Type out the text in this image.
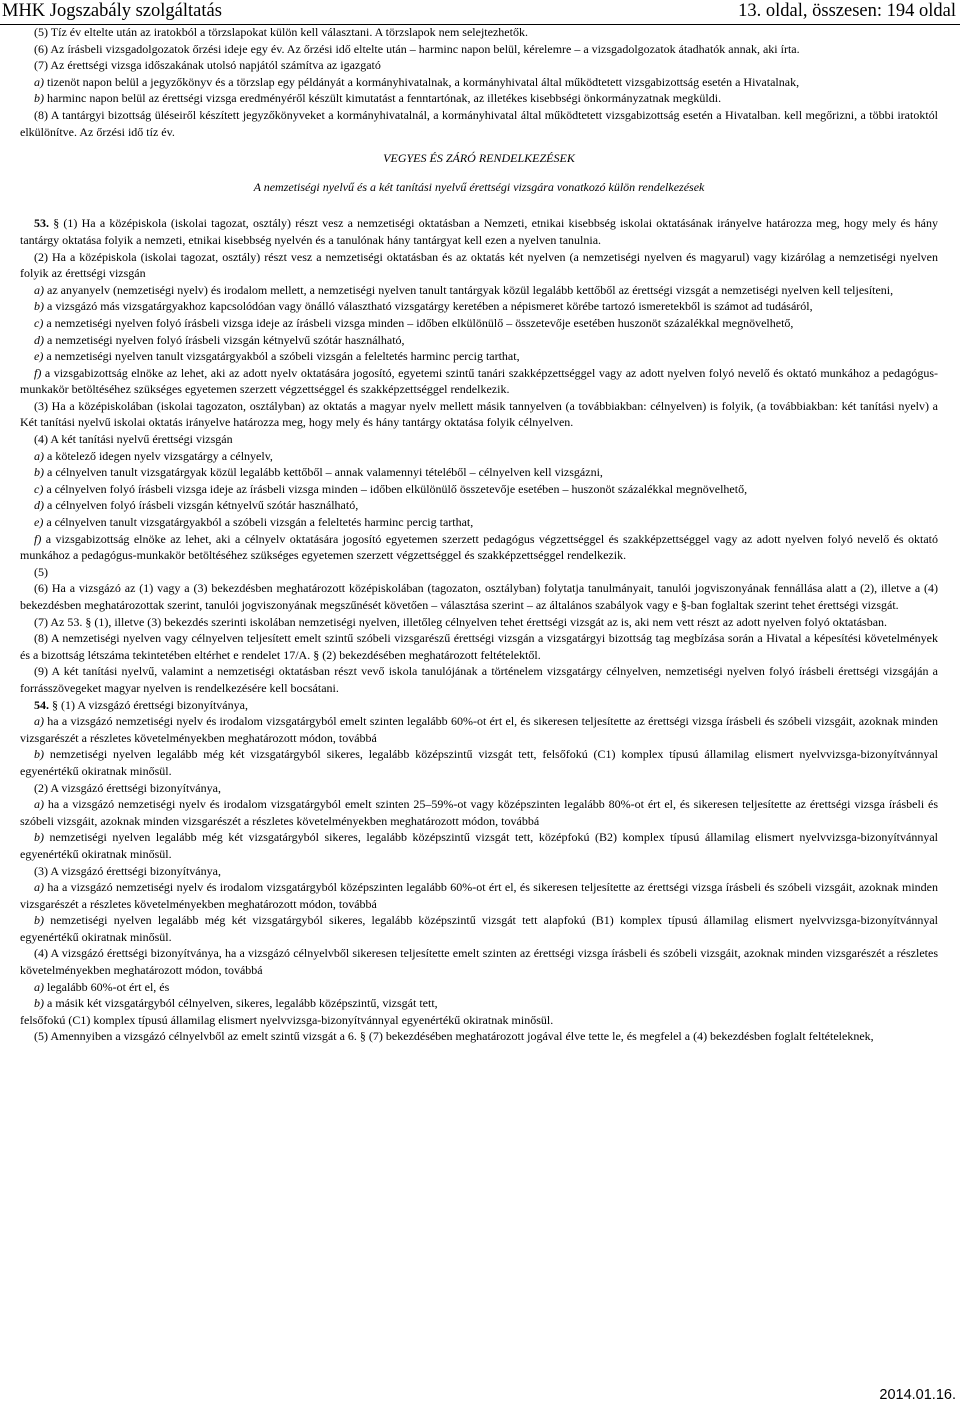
MHK Jogszabály szolgáltatás	13. oldal, összesen: 194 oldal
(5) Tíz év eltelte után az iratokból a törzslapokat külön kell választani. A törzslapok nem selejtezhetők.
(6) Az írásbeli vizsgadolgozatok őrzési ideje egy év. Az őrzési idő eltelte után – harminc napon belül, kérelemre – a vizsgadolgozatok átadhatók annak, aki írta.
(7) Az érettségi vizsga időszakának utolsó napjától számítva az igazgató
a) tizenöt napon belül a jegyzőkönyv és a törzslap egy példányát a kormányhivatalnak, a kormányhivatal által működtetett vizsgabizottság esetén a Hivatalnak,
b) harminc napon belül az érettségi vizsga eredményéről készült kimutatást a fenntartónak, az illetékes kisebbségi önkormányzatnak megküldi.
(8) A tantárgyi bizottság üléseiről készített jegyzőkönyveket a kormányhivatalnál, a kormányhivatal által működtetett vizsgabizottság esetén a Hivatalban. kell megőrizni, a többi iratoktól elkülönítve. Az őrzési idő tíz év.
VEGYES ÉS ZÁRÓ RENDELKEZÉSEK
A nemzetiségi nyelvű és a két tanítási nyelvű érettségi vizsgára vonatkozó külön rendelkezések
53. § (1) Ha a középiskola (iskolai tagozat, osztály) részt vesz a nemzetiségi oktatásban a Nemzeti, etnikai kisebbség iskolai oktatásának irányelve határozza meg, hogy mely és hány tantárgy oktatása folyik a nemzeti, etnikai kisebbség nyelvén és a tanulónak hány tantárgyat kell ezen a nyelven tanulnia.
(2) Ha a középiskola (iskolai tagozat, osztály) részt vesz a nemzetiségi oktatásban és az oktatás két nyelven (a nemzetiségi nyelven és magyarul) vagy kizárólag a nemzetiségi nyelven folyik az érettségi vizsgán
a) az anyanyelv (nemzetiségi nyelv) és irodalom mellett, a nemzetiségi nyelven tanult tantárgyak közül legalább kettőből az érettségi vizsgát a nemzetiségi nyelven kell teljesíteni,
b) a vizsgázó más vizsgatárgyakhoz kapcsolódóan vagy önálló választható vizsgatárgy keretében a népismeret körébe tartozó ismeretekből is számot ad tudásáról,
c) a nemzetiségi nyelven folyó írásbeli vizsga ideje az írásbeli vizsga minden – időben elkülönülő – összetevője esetében huszonöt százalékkal megnövelhető,
d) a nemzetiségi nyelven folyó írásbeli vizsgán kétnyelvű szótár használható,
e) a nemzetiségi nyelven tanult vizsgatárgyakból a szóbeli vizsgán a feleltetés harminc percig tarthat,
f) a vizsgabizottság elnöke az lehet, aki az adott nyelv oktatására jogosító, egyetemi szintű tanári szakképzettséggel vagy az adott nyelven folyó nevelő és oktató munkához a pedagógus-munkakör betöltéséhez szükséges egyetemen szerzett végzettséggel és szakképzettséggel rendelkezik.
(3) Ha a középiskolában (iskolai tagozaton, osztályban) az oktatás a magyar nyelv mellett másik tannyelven (a továbbiakban: célnyelven) is folyik, (a továbbiakban: két tanítási nyelv) a Két tanítási nyelvű iskolai oktatás irányelve határozza meg, hogy mely és hány tantárgy oktatása folyik célnyelven.
(4) A két tanítási nyelvű érettségi vizsgán
a) a kötelező idegen nyelv vizsgatárgy a célnyelv,
b) a célnyelven tanult vizsgatárgyak közül legalább kettőből – annak valamennyi tételéből – célnyelven kell vizsgázni,
c) a célnyelven folyó írásbeli vizsga ideje az írásbeli vizsga minden – időben elkülönülő összetevője esetében – huszonöt százalékkal megnövelhető,
d) a célnyelven folyó írásbeli vizsgán kétnyelvű szótár használható,
e) a célnyelven tanult vizsgatárgyakból a szóbeli vizsgán a feleltetés harminc percig tarthat,
f) a vizsgabizottság elnöke az lehet, aki a célnyelv oktatására jogosító egyetemen szerzett pedagógus végzettséggel és szakképzettséggel vagy az adott nyelven folyó nevelő és oktató munkához a pedagógus-munkakör betöltéséhez szükséges egyetemen szerzett végzettséggel és szakképzettséggel rendelkezik.
(5)
(6) Ha a vizsgázó az (1) vagy a (3) bekezdésben meghatározott középiskolában (tagozaton, osztályban) folytatja tanulmányait, tanulói jogviszonyának fennállása alatt a (2), illetve a (4) bekezdésben meghatározottak szerint, tanulói jogviszonyának megszűnését követően – választása szerint – az általános szabályok vagy e §-ban foglaltak szerint tehet érettségi vizsgát.
(7) Az 53. § (1), illetve (3) bekezdés szerinti iskolában nemzetiségi nyelven, illetőleg célnyelven tehet érettségi vizsgát az is, aki nem vett részt az adott nyelven folyó oktatásban.
(8) A nemzetiségi nyelven vagy célnyelven teljesített emelt szintű szóbeli vizsgarészű érettségi vizsgán a vizsgatárgyi bizottság tag megbízása során a Hivatal a képesítési követelmények és a bizottság létszáma tekintetében eltérhet e rendelet 17/A. § (2) bekezdésében meghatározott feltételektől.
(9) A két tanítási nyelvű, valamint a nemzetiségi oktatásban részt vevő iskola tanulójának a történelem vizsgatárgy célnyelven, nemzetiségi nyelven folyó írásbeli érettségi vizsgáján a forrásszövegeket magyar nyelven is rendelkezésére kell bocsátani.
54. § (1) A vizsgázó érettségi bizonyítványa,
a) ha a vizsgázó nemzetiségi nyelv és irodalom vizsgatárgyból emelt szinten legalább 60%-ot ért el, és sikeresen teljesítette az érettségi vizsga írásbeli és szóbeli vizsgáit, azoknak minden vizsgarészét a részletes követelményekben meghatározott módon, továbbá
b) nemzetiségi nyelven legalább még két vizsgatárgyból sikeres, legalább középszintű vizsgát tett, felsőfokú (C1) komplex típusú államilag elismert nyelvvizsga-bizonyítvánnyal egyenértékű okiratnak minősül.
(2) A vizsgázó érettségi bizonyítványa,
a) ha a vizsgázó nemzetiségi nyelv és irodalom vizsgatárgyból emelt szinten 25–59%-ot vagy középszinten legalább 80%-ot ért el, és sikeresen teljesítette az érettségi vizsga írásbeli és szóbeli vizsgáit, azoknak minden vizsgarészét a részletes követelményekben meghatározott módon, továbbá
b) nemzetiségi nyelven legalább még két vizsgatárgyból sikeres, legalább középszintű vizsgát tett, középfokú (B2) komplex típusú államilag elismert nyelvvizsga-bizonyítvánnyal egyenértékű okiratnak minősül.
(3) A vizsgázó érettségi bizonyítványa,
a) ha a vizsgázó nemzetiségi nyelv és irodalom vizsgatárgyból középszinten legalább 60%-ot ért el, és sikeresen teljesítette az érettségi vizsga írásbeli és szóbeli vizsgáit, azoknak minden vizsgarészét a részletes követelményekben meghatározott módon, továbbá
b) nemzetiségi nyelven legalább még két vizsgatárgyból sikeres, legalább középszintű vizsgát tett alapfokú (B1) komplex típusú államilag elismert nyelvvizsga-bizonyítvánnyal egyenértékű okiratnak minősül.
(4) A vizsgázó érettségi bizonyítványa, ha a vizsgázó célnyelvből sikeresen teljesítette emelt szinten az érettségi vizsga írásbeli és szóbeli vizsgáit, azoknak minden vizsgarészét a részletes követelményekben meghatározott módon, továbbá
a) legalább 60%-ot ért el, és
b) a másik két vizsgatárgyból célnyelven, sikeres, legalább középszintű, vizsgát tett,
felsőfokú (C1) komplex típusú államilag elismert nyelvvizsga-bizonyítvánnyal egyenértékű okiratnak minősül.
(5) Amennyiben a vizsgázó célnyelvből az emelt szintű vizsgát a 6. § (7) bekezdésében meghatározott jogával élve tette le, és megfelel a (4) bekezdésben foglalt feltételeknek,
2014.01.16.
